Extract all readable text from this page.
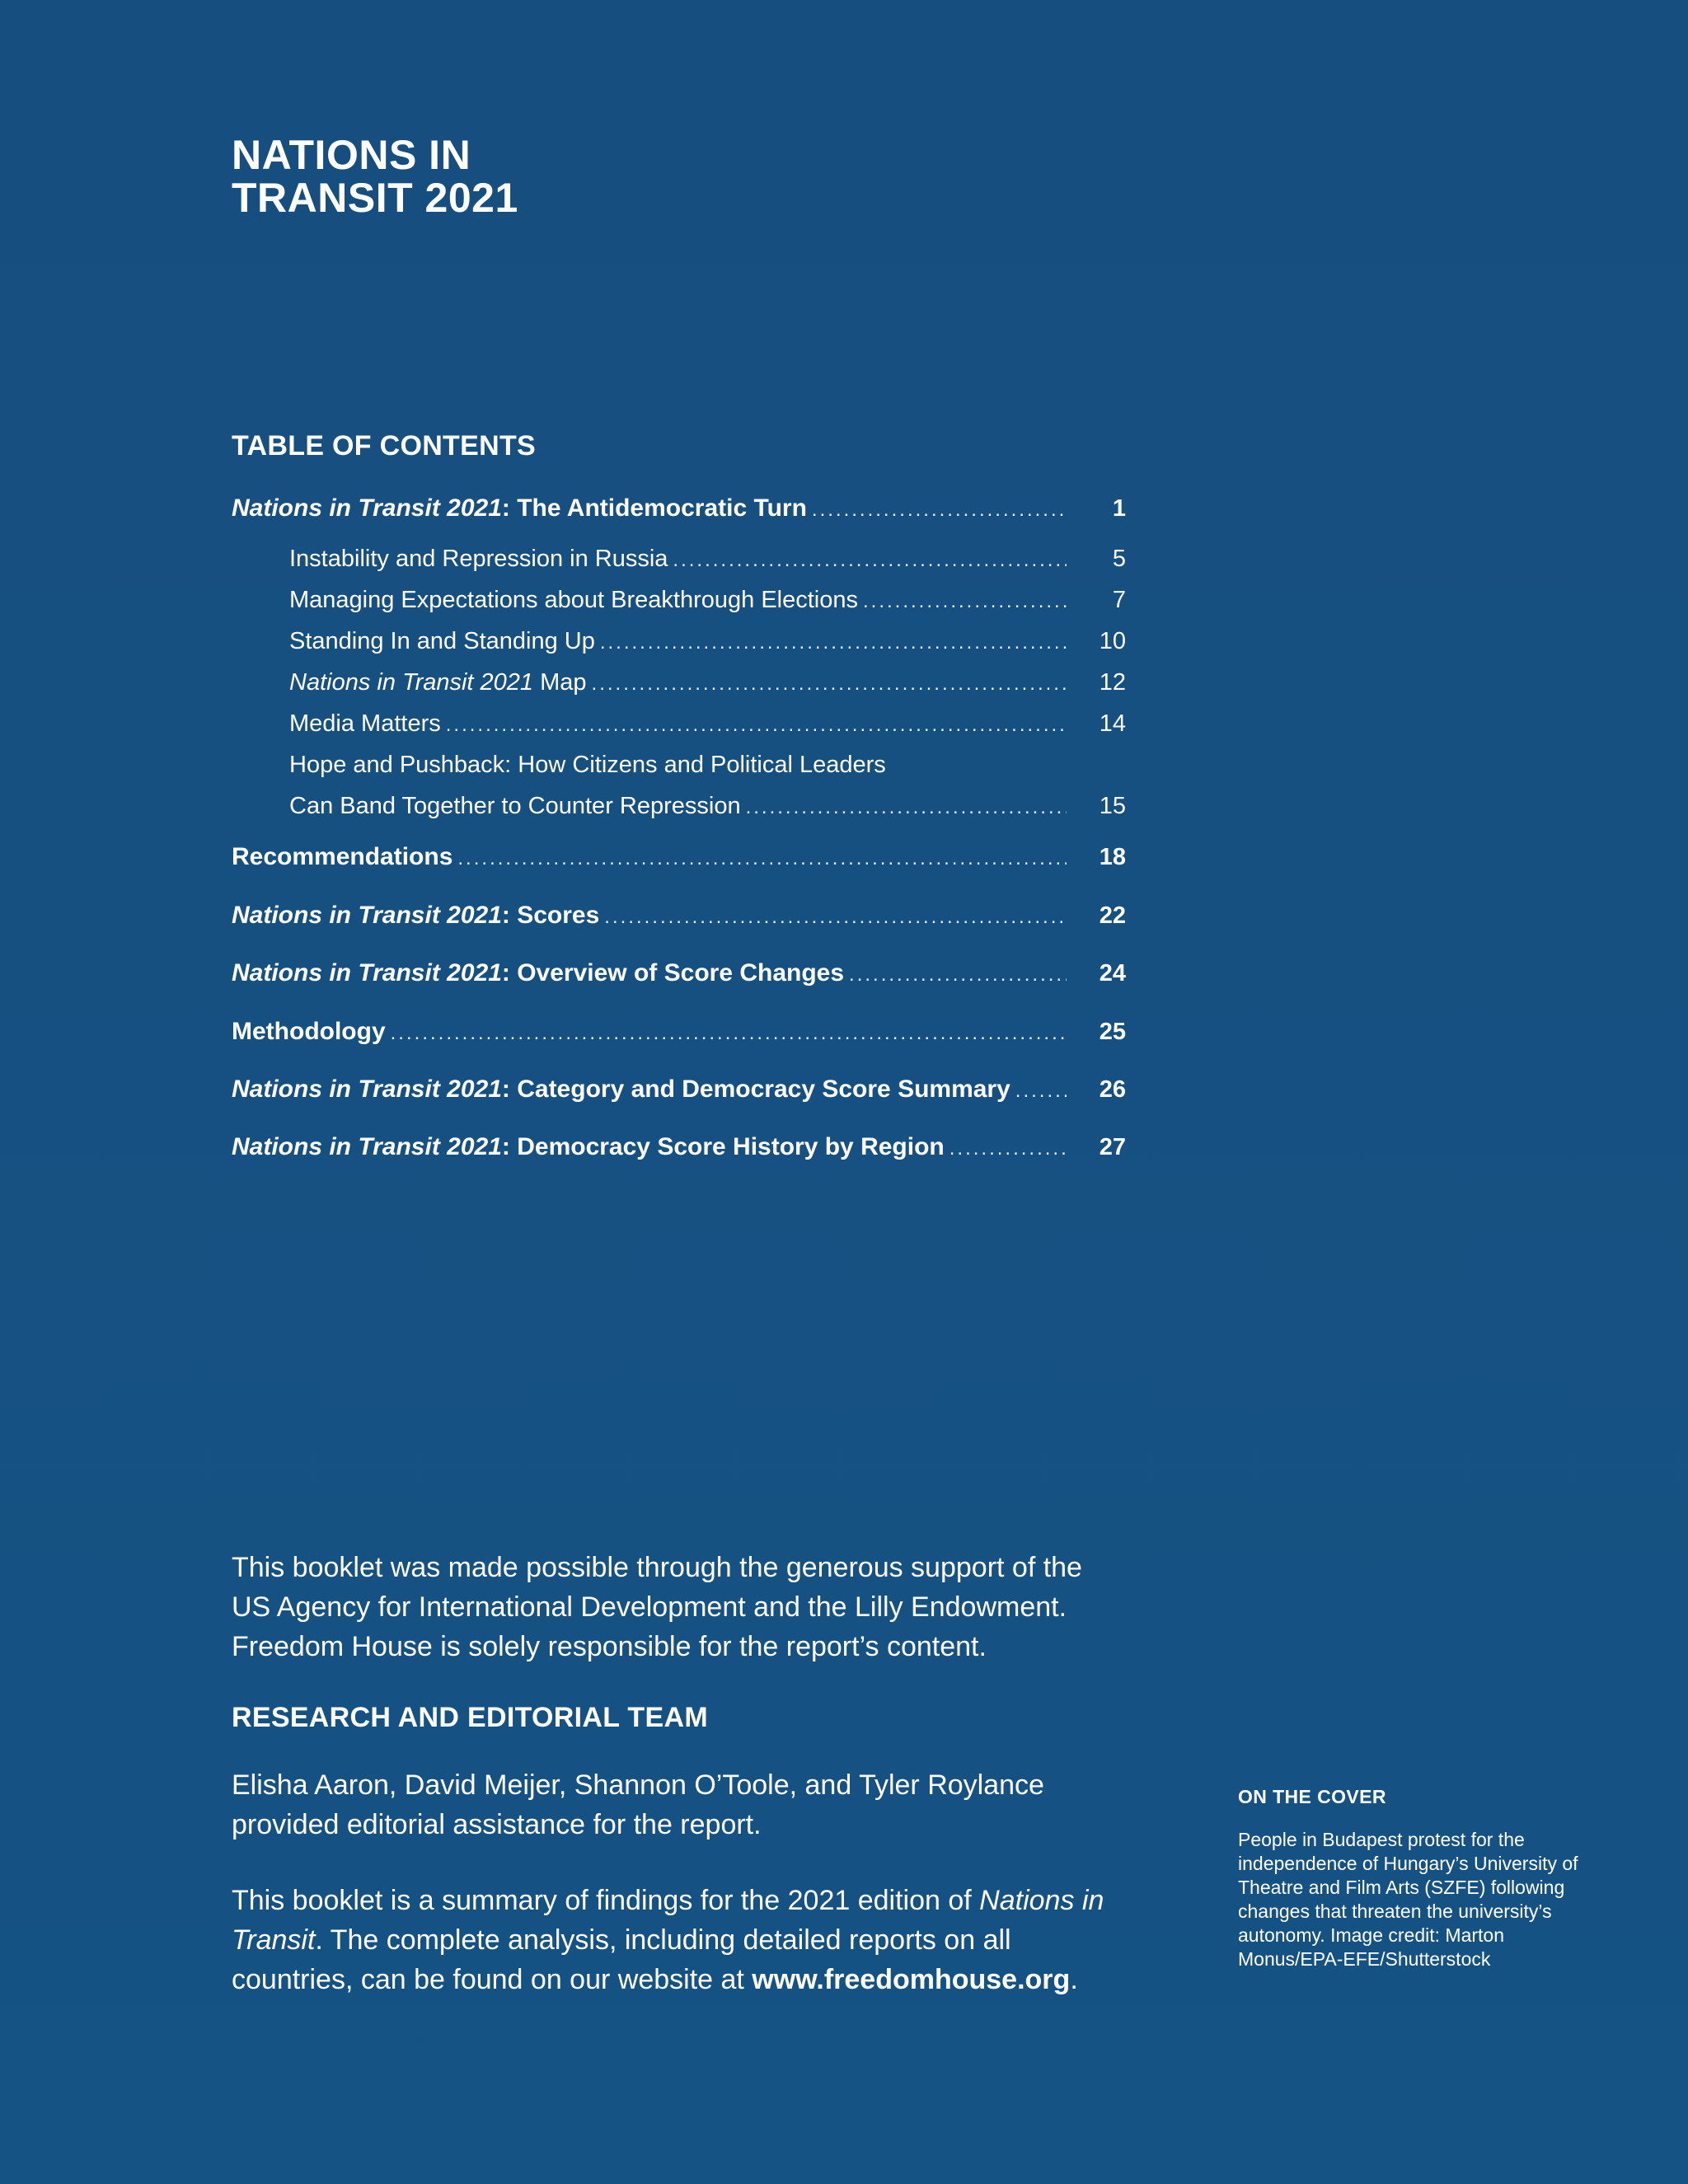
NATIONS IN
TRANSIT 2021
TABLE OF CONTENTS
Nations in Transit 2021: The Antidemocratic Turn .....	1
Instability and Repression in Russia .....	5
Managing Expectations about Breakthrough Elections .....	7
Standing In and Standing Up .....	10
Nations in Transit 2021 Map .....	12
Media Matters .....	14
Hope and Pushback: How Citizens and Political Leaders
Can Band Together to Counter Repression .....	15
Recommendations .....	18
Nations in Transit 2021: Scores .....	22
Nations in Transit 2021: Overview of Score Changes .....	24
Methodology .....	25
Nations in Transit 2021: Category and Democracy Score Summary .....	26
Nations in Transit 2021: Democracy Score History by Region .....	27

This booklet was made possible through the generous support of the US Agency for International Development and the Lilly Endowment. Freedom House is solely responsible for the report’s content.

RESEARCH AND EDITORIAL TEAM

Elisha Aaron, David Meijer, Shannon O’Toole, and Tyler Roylance provided editorial assistance for the report.

This booklet is a summary of findings for the 2021 edition of Nations in Transit. The complete analysis, including detailed reports on all countries, can be found on our website at www.freedomhouse.org.

ON THE COVER

People in Budapest protest for the independence of Hungary’s University of Theatre and Film Arts (SZFE) following changes that threaten the university’s autonomy. Image credit: Marton Monus/EPA-EFE/Shutterstock
